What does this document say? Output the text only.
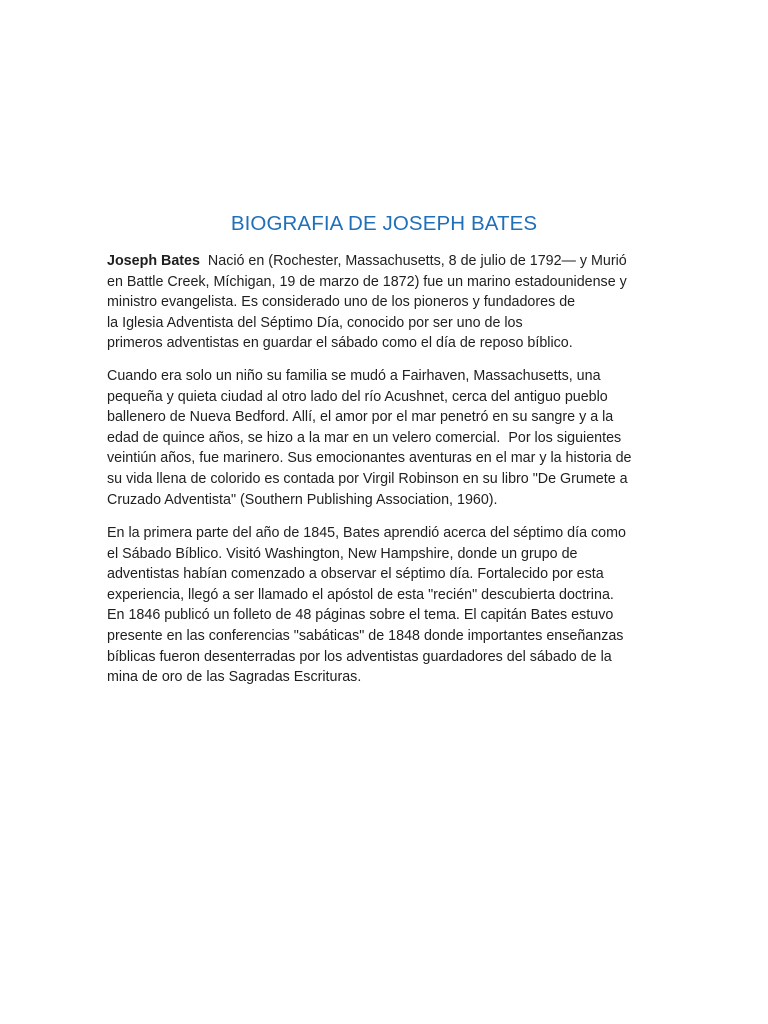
BIOGRAFIA DE JOSEPH BATES

Joseph Bates  Nació en (Rochester, Massachusetts, 8 de julio de 1792— y Murió
en Battle Creek, Míchigan, 19 de marzo de 1872) fue un marino estadounidense y
ministro evangelista. Es considerado uno de los pioneros y fundadores de
la Iglesia Adventista del Séptimo Día, conocido por ser uno de los
primeros adventistas en guardar el sábado como el día de reposo bíblico.

Cuando era solo un niño su familia se mudó a Fairhaven, Massachusetts, una
pequeña y quieta ciudad al otro lado del río Acushnet, cerca del antiguo pueblo
ballenero de Nueva Bedford. Allí, el amor por el mar penetró en su sangre y a la
edad de quince años, se hizo a la mar en un velero comercial.  Por los siguientes
veintiún años, fue marinero. Sus emocionantes aventuras en el mar y la historia de
su vida llena de colorido es contada por Virgil Robinson en su libro "De Grumete a
Cruzado Adventista" (Southern Publishing Association, 1960).

En la primera parte del año de 1845, Bates aprendió acerca del séptimo día como
el Sábado Bíblico. Visitó Washington, New Hampshire, donde un grupo de
adventistas habían comenzado a observar el séptimo día. Fortalecido por esta
experiencia, llegó a ser llamado el apóstol de esta "recién" descubierta doctrina.
En 1846 publicó un folleto de 48 páginas sobre el tema. El capitán Bates estuvo
presente en las conferencias "sabáticas" de 1848 donde importantes enseñanzas
bíblicas fueron desenterradas por los adventistas guardadores del sábado de la
mina de oro de las Sagradas Escrituras.
